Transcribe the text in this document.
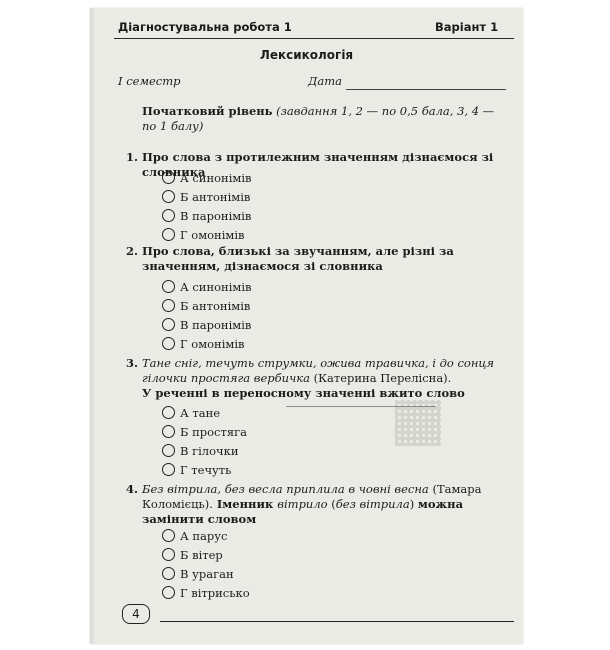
Діагностувальна робота 1	Варіант 1
Лексикологія
І семестр	Дата
Початковий рівень (завдання 1, 2 — по 0,5 бала, 3, 4 — по 1 балу)
1. Про слова з протилежним значенням дізнаємося зі словника
А синонімів
Б антонімів
В паронімів
Г омонімів
2. Про слова, близькі за звучанням, але різні за значенням, дізнаємося зі словника
А синонімів
Б антонімів
В паронімів
Г омонімів
3. Тане сніг, течуть струмки, ожива травичка, і до сонця гілочки простяга вербичка (Катерина Перелісна).
У реченні в переносному значенні вжито слово
А тане
Б простяга
В гілочки
Г течуть
4. Без вітрила, без весла приплила в човні весна (Тамара Коломієць). Іменник вітрило (без вітрила) можна замінити словом
А парус
Б вітер
В ураган
Г вітрисько
4
